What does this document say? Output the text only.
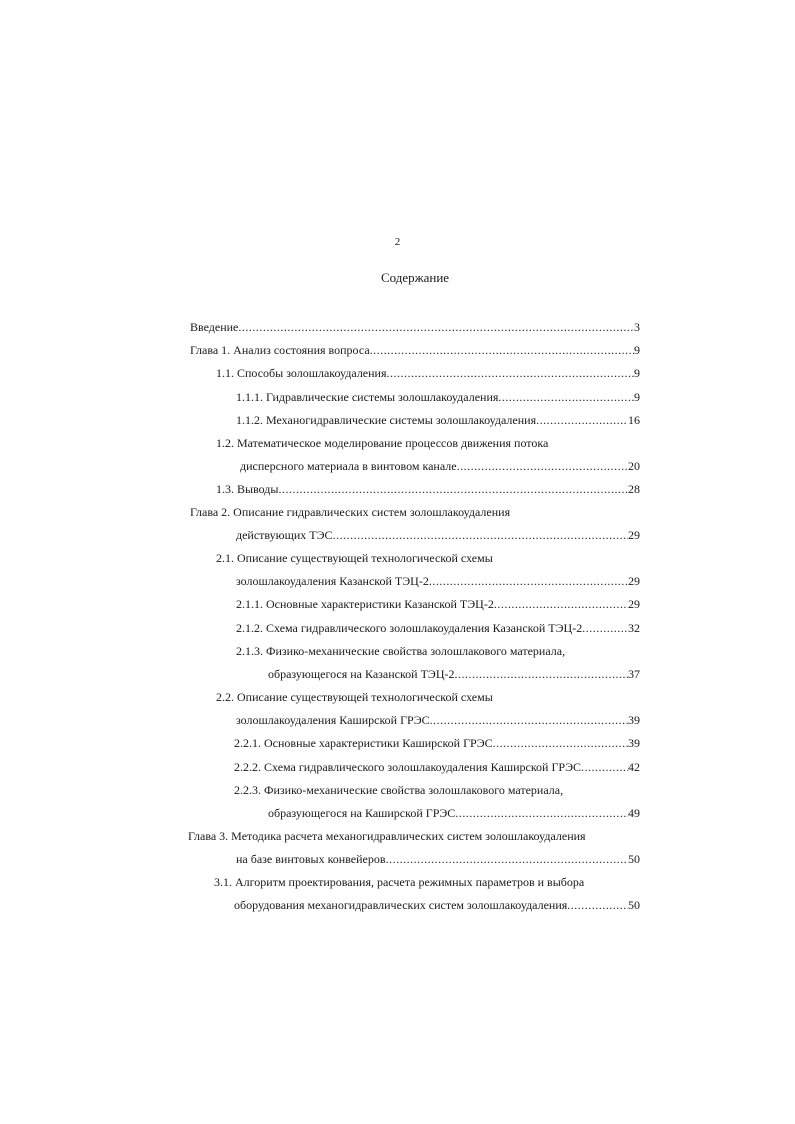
2
Содержание
Введение .....	3
Глава 1. Анализ состояния вопроса .....	9
1.1. Способы золошлакоудаления .....	9
1.1.1. Гидравлические системы золошлакоудаления .....	9
1.1.2. Механогидравлические системы золошлакоудаления .....	16
1.2. Математическое моделирование процессов движения потока
дисперсного материала в винтовом канале .....	20
1.3. Выводы .....	28
Глава 2. Описание гидравлических систем золошлакоудаления
действующих ТЭС .....	29
2.1. Описание существующей технологической схемы
золошлакоудаления Казанской ТЭЦ-2 .....	29
2.1.1. Основные характеристики Казанской ТЭЦ-2 .....	29
2.1.2. Схема гидравлического золошлакоудаления Казанской ТЭЦ-2 .....	32
2.1.3. Физико-механические свойства золошлакового материала,
образующегося на Казанской ТЭЦ-2 .....	37
2.2. Описание существующей технологической схемы
золошлакоудаления Каширской ГРЭС .....	39
2.2.1. Основные характеристики Каширской ГРЭС .....	39
2.2.2. Схема гидравлического золошлакоудаления Каширской ГРЭС .....	42
2.2.3. Физико-механические свойства золошлакового материала,
образующегося на Каширской ГРЭС .....	49
Глава 3. Методика расчета механогидравлических систем золошлакоудаления
на базе винтовых конвейеров .....	50
3.1. Алгоритм проектирования, расчета режимных параметров и выбора
оборудования механогидравлических систем золошлакоудаления .....	50
